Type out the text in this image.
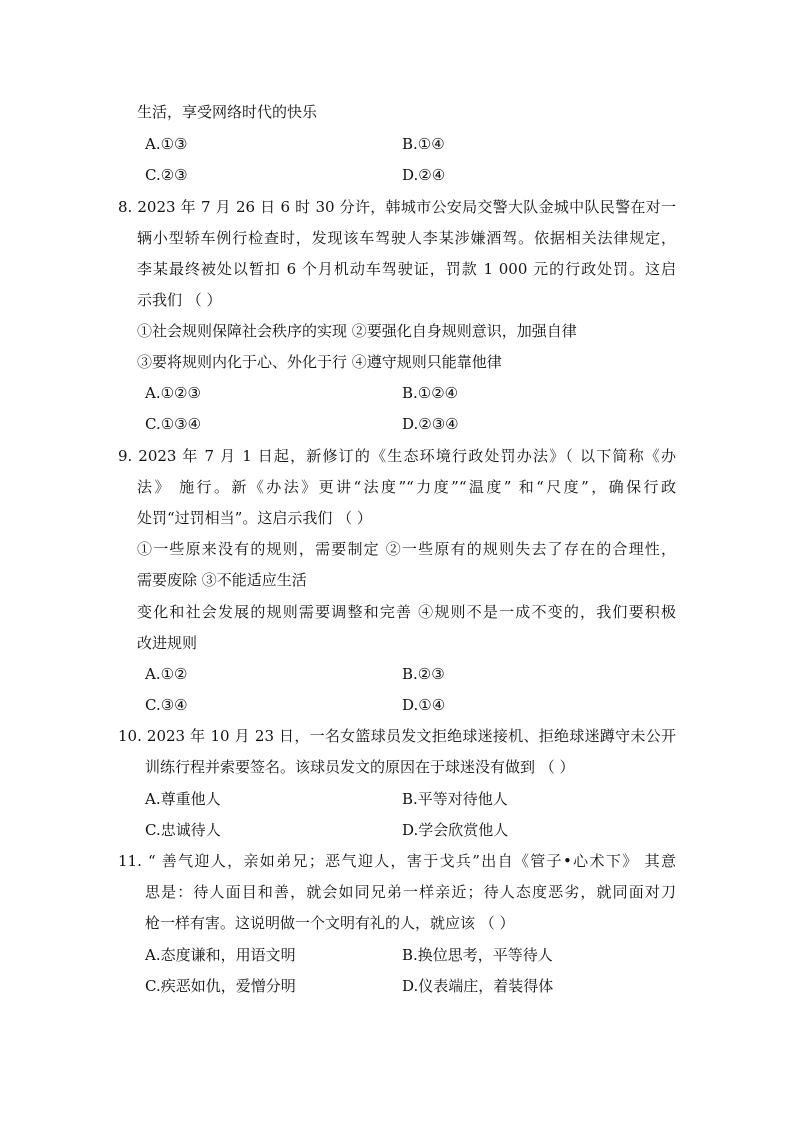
生活，享受网络时代的快乐
A.①③	B.①④
C.②③	D.②④
8. 2023 年 7 月 26 日 6 时 30 分许，韩城市公安局交警大队金城中队民警在对一
辆小型轿车例行检查时，发现该车驾驶人李某涉嫌酒驾。依据相关法律规定，
李某最终被处以暂扣 6 个月机动车驾驶证，罚款 1 000 元的行政处罚。这启
示我们 （ ）
①社会规则保障社会秩序的实现 ②要强化自身规则意识，加强自律
③要将规则内化于心、外化于行 ④遵守规则只能靠他律
A.①②③	B.①②④
C.①③④	D.②③④
9. 2023 年 7 月 1 日起，新修订的《生态环境行政处罚办法》（ 以下简称《办
法》 施行。新《办法》更讲“法度”“力度”“温度” 和“尺度”，确保行政
处罚“过罚相当”。这启示我们 （ ）
①一些原来没有的规则，需要制定 ②一些原有的规则失去了存在的合理性，
需要废除 ③不能适应生活
变化和社会发展的规则需要调整和完善 ④规则不是一成不变的，我们要积极
改进规则
A.①②	B.②③
C.③④	D.①④
10. 2023 年 10 月 23 日，一名女篮球员发文拒绝球迷接机、拒绝球迷蹲守未公开
训练行程并索要签名。该球员发文的原因在于球迷没有做到 （ ）
A.尊重他人	B.平等对待他人
C.忠诚待人	D.学会欣赏他人
11. “ 善气迎人，亲如弟兄；恶气迎人，害于戈兵”出自《管子•心术下》 其意
思是：待人面目和善，就会如同兄弟一样亲近；待人态度恶劣，就同面对刀
枪一样有害。这说明做一个文明有礼的人，就应该 （ ）
A.态度谦和，用语文明	B.换位思考，平等待人
C.疾恶如仇，爱憎分明	D.仪表端庄，着装得体
